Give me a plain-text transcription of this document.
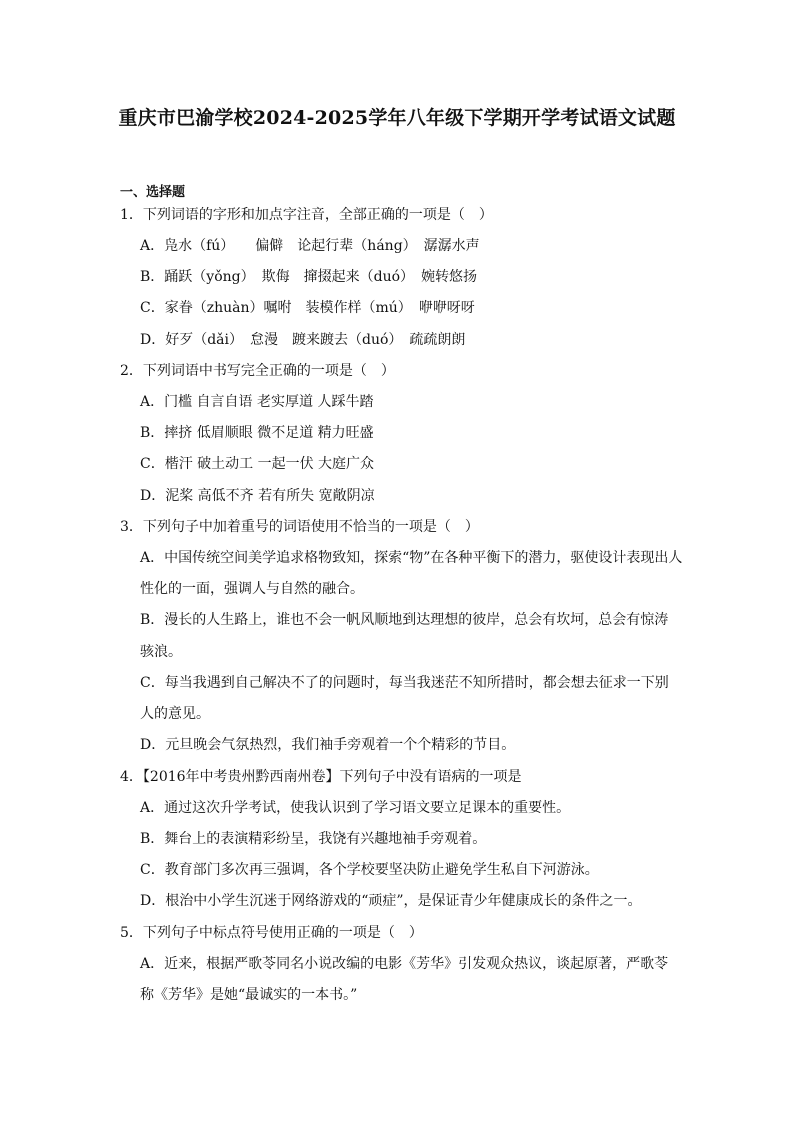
重庆市巴渝学校2024-2025学年八年级下学期开学考试语文试题
一、选择题
1．下列词语的字形和加点字注音，全部正确的一项是（　）
A．凫水（fú）　　偏僻　论起行辈（háng）　潺潺水声
B．踊跃（yǒng）　欺侮　撺掇起来（duó）　婉转悠扬
C．家眷（zhuàn）嘱咐　装模作样（mú）　咿咿呀呀
D．好歹（dǎi）　怠漫　踱来踱去（duó）　疏疏朗朗
2．下列词语中书写完全正确的一项是（　）
A．门槛 自言自语 老实厚道 人踩牛踏
B．摔挤 低眉顺眼 微不足道 精力旺盛
C．楷汗 破土动工 一起一伏 大庭广众
D．泥桨 高低不齐 若有所失 宽敞阴凉
3．下列句子中加着重号的词语使用不恰当的一项是（　）
A．中国传统空间美学追求格物致知，探索“物”在各种平衡下的潜力，驱使设计表现出人
性化的一面，强调人与自然的融合。
B．漫长的人生路上，谁也不会一帆风顺地到达理想的彼岸，总会有坎坷，总会有惊涛
骇浪。
C．每当我遇到自己解决不了的问题时，每当我迷茫不知所措时，都会想去征求一下别
人的意见。
D．元旦晚会气氛热烈，我们袖手旁观着一个个精彩的节目。
4．【2016年中考贵州黔西南州卷】下列句子中没有语病的一项是
A．通过这次升学考试，使我认识到了学习语文要立足课本的重要性。
B．舞台上的表演精彩纷呈，我饶有兴趣地袖手旁观着。
C．教育部门多次再三强调，各个学校要坚决防止避免学生私自下河游泳。
D．根治中小学生沉迷于网络游戏的“顽症”，是保证青少年健康成长的条件之一。
5．下列句子中标点符号使用正确的一项是（　）
A．近来，根据严歌苓同名小说改编的电影《芳华》引发观众热议，谈起原著，严歌苓
称《芳华》是她“最诚实的一本书。”
